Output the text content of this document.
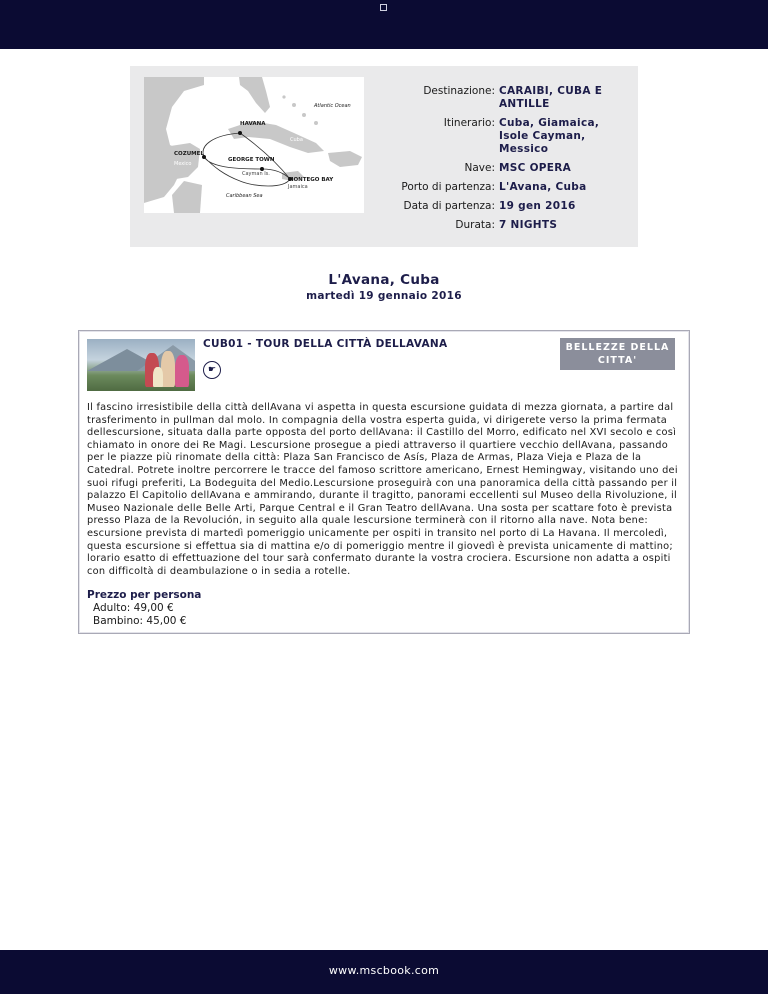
HAVANA
Atlantic Ocean
Cuba
COZUMEL
Mexico
GEORGE TOWN
Cayman Is.
MONTEGO BAY
Jamaica
Caribbean Sea
Destinazione: CARAIBI, CUBA E ANTILLE
Itinerario: Cuba, Giamaica, Isole Cayman, Messico
Nave: MSC OPERA
Porto di partenza: L'Avana, Cuba
Data di partenza: 19 gen 2016
Durata: 7 NIGHTS
L'Avana, Cuba
martedì 19 gennaio 2016
CUB01 - TOUR DELLA CITTÀ DELLAVANA
☛
BELLEZZE DELLA CITTA'
Il fascino irresistibile della città dellAvana vi aspetta in questa escursione guidata di mezza giornata, a partire dal trasferimento in pullman dal molo. In compagnia della vostra esperta guida, vi dirigerete verso la prima fermata dellescursione, situata dalla parte opposta del porto dellAvana: il Castillo del Morro, edificato nel XVI secolo e così chiamato in onore dei Re Magi. Lescursione prosegue a piedi attraverso il quartiere vecchio dellAvana, passando per le piazze più rinomate della città: Plaza San Francisco de Asís, Plaza de Armas, Plaza Vieja e Plaza de la Catedral. Potrete inoltre percorrere le tracce del famoso scrittore americano, Ernest Hemingway, visitando uno dei suoi rifugi preferiti, La Bodeguita del Medio.Lescursione proseguirà con una panoramica della città passando per il palazzo El Capitolio dellAvana e ammirando, durante il tragitto, panorami eccellenti sul Museo della Rivoluzione, il Museo Nazionale delle Belle Arti, Parque Central e il Gran Teatro dellAvana. Una sosta per scattare foto è prevista presso Plaza de la Revolución, in seguito alla quale lescursione terminerà con il ritorno alla nave. Nota bene: escursione prevista di martedì pomeriggio unicamente per ospiti in transito nel porto di La Havana. Il mercoledì, questa escursione si effettua sia di mattina e/o di pomeriggio mentre il giovedì è prevista unicamente di mattino; lorario esatto di effettuazione del tour sarà confermato durante la vostra crociera. Escursione non adatta a ospiti con difficoltà di deambulazione o in sedia a rotelle.
Prezzo per persona
Adulto: 49,00 €
Bambino: 45,00 €
www.mscbook.com
